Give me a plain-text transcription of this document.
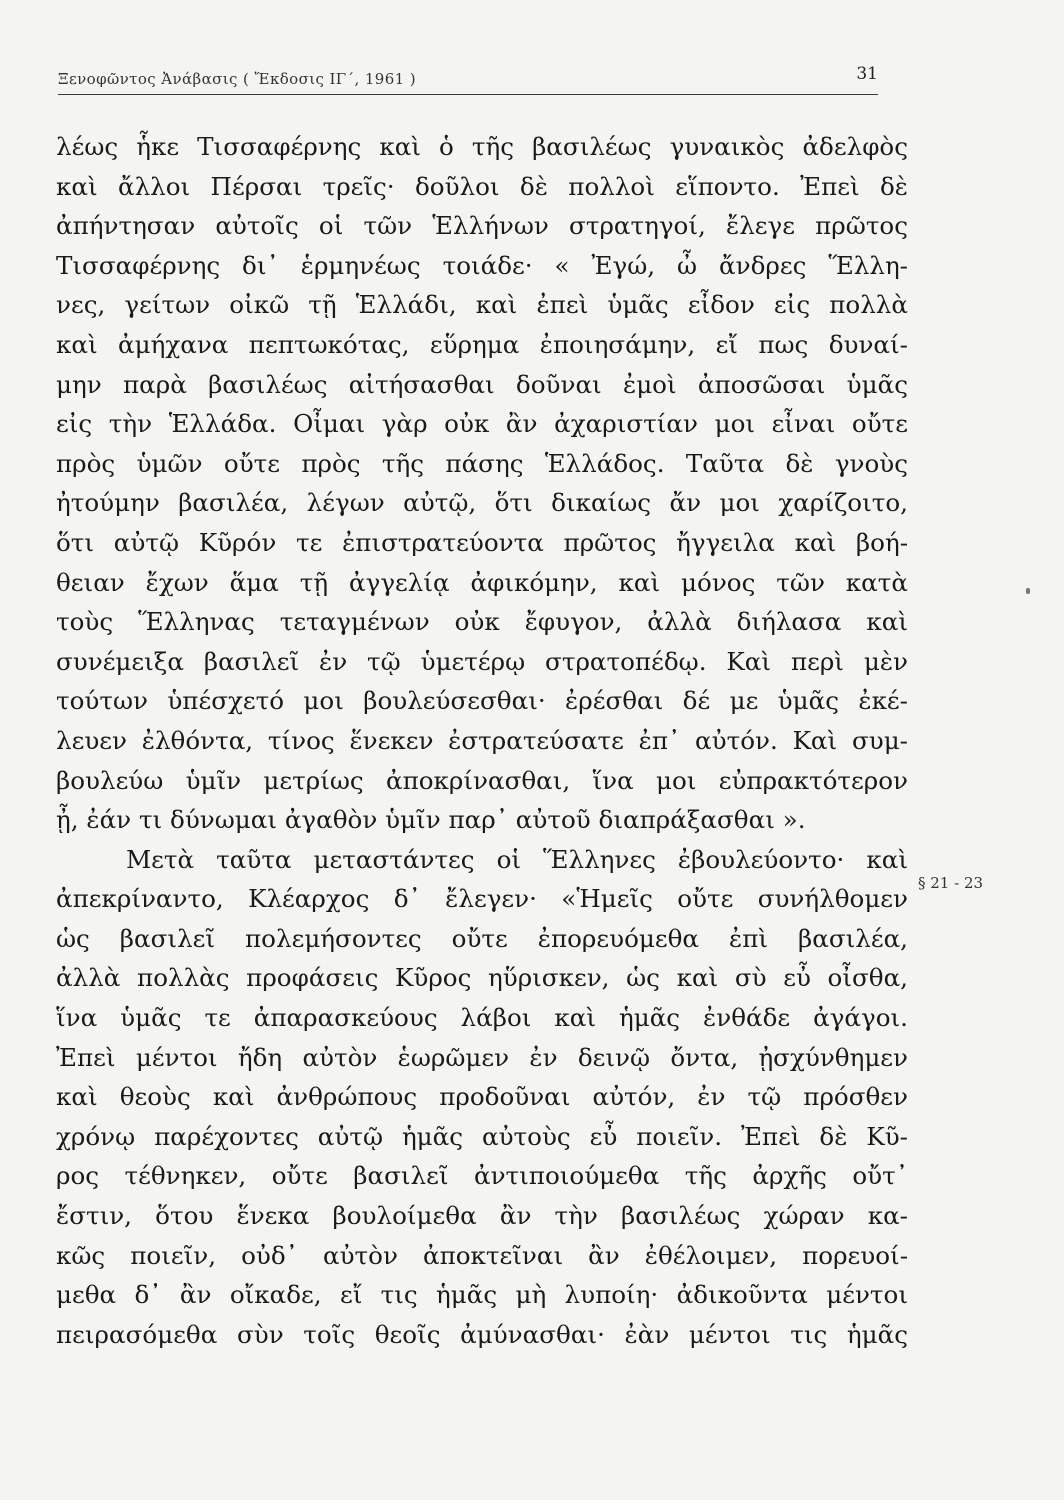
Ξενοφῶντος Ἀνάβασις ( Ἔκδοσις ΙΓ΄, 1961 )	31
λέως ἧκε Τισσαφέρνης καὶ ὁ τῆς βασιλέως γυναικὸς ἀδελφὸς
καὶ ἄλλοι Πέρσαι τρεῖς· δοῦλοι δὲ πολλοὶ εἵποντο. Ἐπεὶ δὲ
ἀπήντησαν αὐτοῖς οἱ τῶν Ἑλλήνων στρατηγοί, ἔλεγε πρῶτος
Τισσαφέρνης δι᾽ ἑρμηνέως τοιάδε· « Ἐγώ, ὦ ἄνδρες Ἕλλη-
νες, γείτων οἰκῶ τῇ Ἑλλάδι, καὶ ἐπεὶ ὑμᾶς εἶδον εἰς πολλὰ
καὶ ἀμήχανα πεπτωκότας, εὕρημα ἐποιησάμην, εἴ πως δυναί-
μην παρὰ βασιλέως αἰτήσασθαι δοῦναι ἐμοὶ ἀποσῶσαι ὑμᾶς
εἰς τὴν Ἑλλάδα. Οἶμαι γὰρ οὐκ ἂν ἀχαριστίαν μοι εἶναι οὔτε
πρὸς ὑμῶν οὔτε πρὸς τῆς πάσης Ἑλλάδος. Ταῦτα δὲ γνοὺς
ἠτούμην βασιλέα, λέγων αὐτῷ, ὅτι δικαίως ἄν μοι χαρίζοιτο,
ὅτι αὐτῷ Κῦρόν τε ἐπιστρατεύοντα πρῶτος ἤγγειλα καὶ βοή-
θειαν ἔχων ἅμα τῇ ἀγγελίᾳ ἀφικόμην, καὶ μόνος τῶν κατὰ
τοὺς Ἕλληνας τεταγμένων οὐκ ἔφυγον, ἀλλὰ διήλασα καὶ
συνέμειξα βασιλεῖ ἐν τῷ ὑμετέρῳ στρατοπέδῳ. Καὶ περὶ μὲν
τούτων ὑπέσχετό μοι βουλεύσεσθαι· ἐρέσθαι δέ με ὑμᾶς ἐκέ-
λευεν ἐλθόντα, τίνος ἕνεκεν ἐστρατεύσατε ἐπ᾽ αὐτόν. Καὶ συμ-
βουλεύω ὑμῖν μετρίως ἀποκρίνασθαι, ἵνα μοι εὐπρακτότερον
ᾖ, ἐάν τι δύνωμαι ἀγαθὸν ὑμῖν παρ᾽ αὐτοῦ διαπράξασθαι ».
Μετὰ ταῦτα μεταστάντες οἱ Ἕλληνες ἐβουλεύοντο· καὶ
ἀπεκρίναντο, Κλέαρχος δ᾽ ἔλεγεν· «Ἡμεῖς οὔτε συνήλθομεν
ὡς βασιλεῖ πολεμήσοντες οὔτε ἐπορευόμεθα ἐπὶ βασιλέα,
ἀλλὰ πολλὰς προφάσεις Κῦρος ηὕρισκεν, ὡς καὶ σὺ εὖ οἶσθα,
ἵνα ὑμᾶς τε ἀπαρασκεύους λάβοι καὶ ἡμᾶς ἐνθάδε ἀγάγοι.
Ἐπεὶ μέντοι ἤδη αὐτὸν ἑωρῶμεν ἐν δεινῷ ὄντα, ᾐσχύνθημεν
καὶ θεοὺς καὶ ἀνθρώπους προδοῦναι αὐτόν, ἐν τῷ πρόσθεν
χρόνῳ παρέχοντες αὐτῷ ἡμᾶς αὐτοὺς εὖ ποιεῖν. Ἐπεὶ δὲ Κῦ-
ρος τέθνηκεν, οὔτε βασιλεῖ ἀντιποιούμεθα τῆς ἀρχῆς οὔτ᾽
ἔστιν, ὅτου ἕνεκα βουλοίμεθα ἂν τὴν βασιλέως χώραν κα-
κῶς ποιεῖν, οὐδ᾽ αὐτὸν ἀποκτεῖναι ἂν ἐθέλοιμεν, πορευοί-
μεθα δ᾽ ἂν οἴκαδε, εἴ τις ἡμᾶς μὴ λυποίη· ἀδικοῦντα μέντοι
πειρασόμεθα σὺν τοῖς θεοῖς ἀμύνασθαι· ἐὰν μέντοι τις ἡμᾶς
§ 21 - 23
